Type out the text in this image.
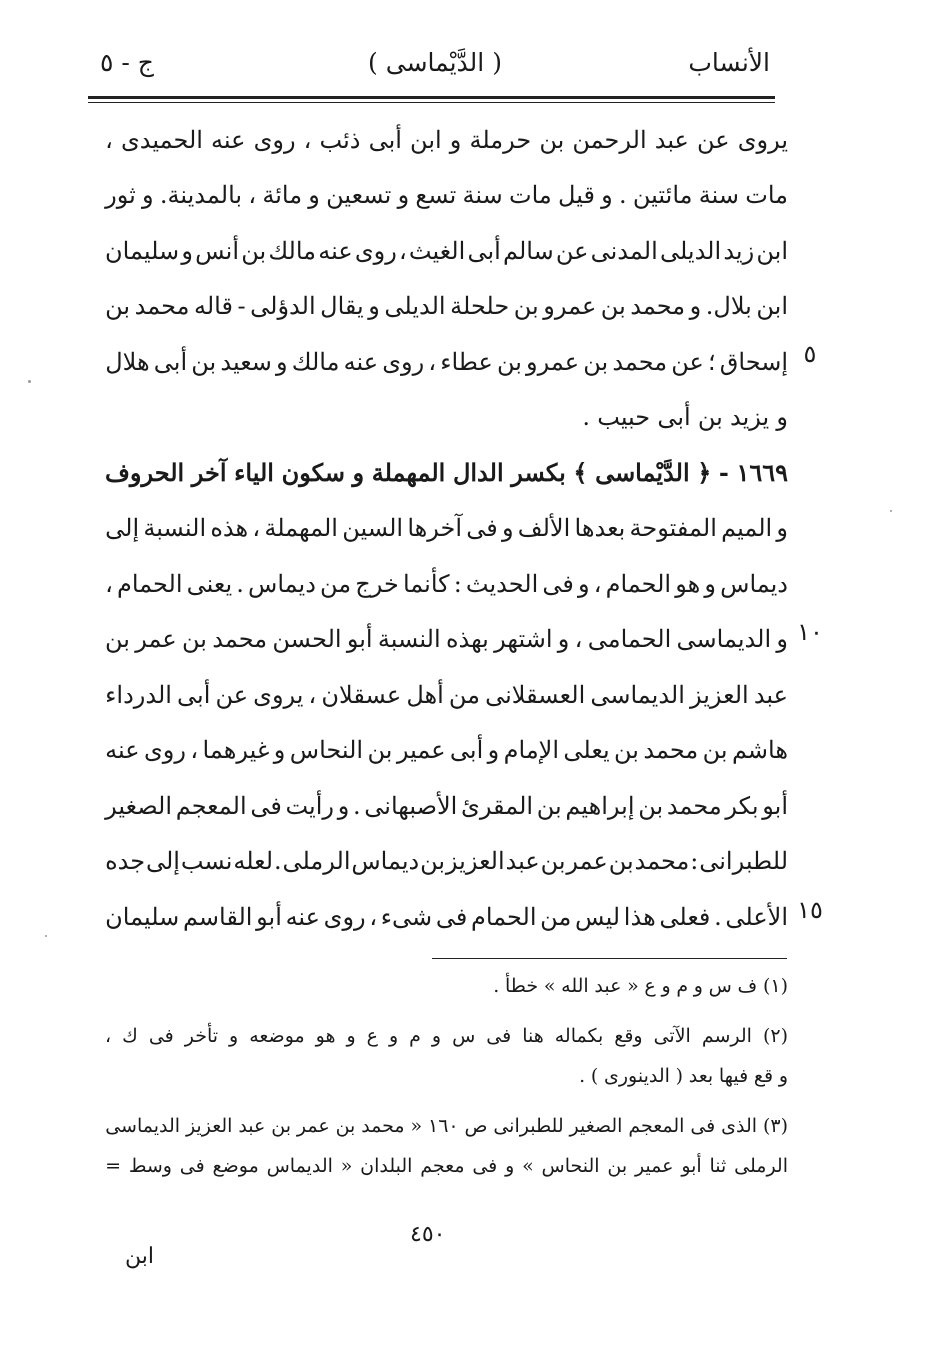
الأنساب
( الدَّيْماسى )
ج - ٥
يروى
عن
عبد
الرحمن
بن
حرملة
و
ابن
أبى
ذئب
،
روى
عنه
الحميدى
،
مات
سنة
مائتين
.
و
قيل
مات
سنة
تسع
و
تسعين
و
مائة
،
بالمدينة.
و
ثور
ابن
زيد
الديلى
المدنى
عن
سالم
أبى
الغيث
،
روى
عنه
مالك
بن
أنس
و
سليمان
ابن
بلال.
و
محمد
بن
عمرو
بن
حلحلة
الديلى
و
يقال
الدؤلى
-
قاله
محمد
بن
إسحاق
؛
عن
محمد
بن
عمرو
بن
عطاء
،
روى
عنه
مالك
و
سعيد
بن
أبى
هلال
و
يزيد
بن
أبى
حبيب
.
١٦٦٩
-
﴿
الدَّيْماسى
﴾
بكسر
الدال
المهملة
و
سكون
الياء
آخر
الحروف
و
الميم
المفتوحة
بعدها
الألف
و
فى
آخرها
السين
المهملة
،
هذه
النسبة
إلى
ديماس
و
هو
الحمام
،
و
فى
الحديث
:
كأنما
خرج
من
ديماس
.
يعنى
الحمام
،
و
الديماسى
الحمامى
،
و
اشتهر
بهذه
النسبة
أبو
الحسن
محمد
بن
عمر
بن
عبد
العزيز
الديماسى
العسقلانى
من
أهل
عسقلان
،
يروى
عن
أبى
الدرداء
هاشم
بن
محمد
بن
يعلى
الإمام
و
أبى
عمير
بن
النحاس
و
غيرهما
،
روى
عنه
أبو
بكر
محمد
بن
إبراهيم
بن
المقرئ
الأصبهانى
.
و
رأيت
فى
المعجم
الصغير
للطبرانى
:
محمد
بن
عمر
بن
عبد
العزيز
بن
ديماس
الرملى
.
لعله
نسب
إلى
جده
الأعلى
.
فعلى
هذا
ليس
من
الحمام
فى
شىء
،
روى
عنه
أبو
القاسم
سليمان
٥
١٠
١٥
(١)
ف
س
و
م
و
ع
«
عبد
الله
»
خطأ
.
(٢)
الرسم
الآتى
وقع
بكماله
هنا
فى
س
و
م
و
ع
و
هو
موضعه
و
تأخر
فى
ك
،
و
قع
فيها
بعد
(
الدينورى
)
.
(٣)
الذى
فى
المعجم
الصغير
للطبرانى
ص
١٦٠
«
محمد
بن
عمر
بن
عبد
العزيز
الديماسى
الرملى
ثنا
أبو
عمير
بن
النحاس
»
و
فى
معجم
البلدان
«
الديماس
موضع
فى
وسط
=
٤٥٠
ابن
